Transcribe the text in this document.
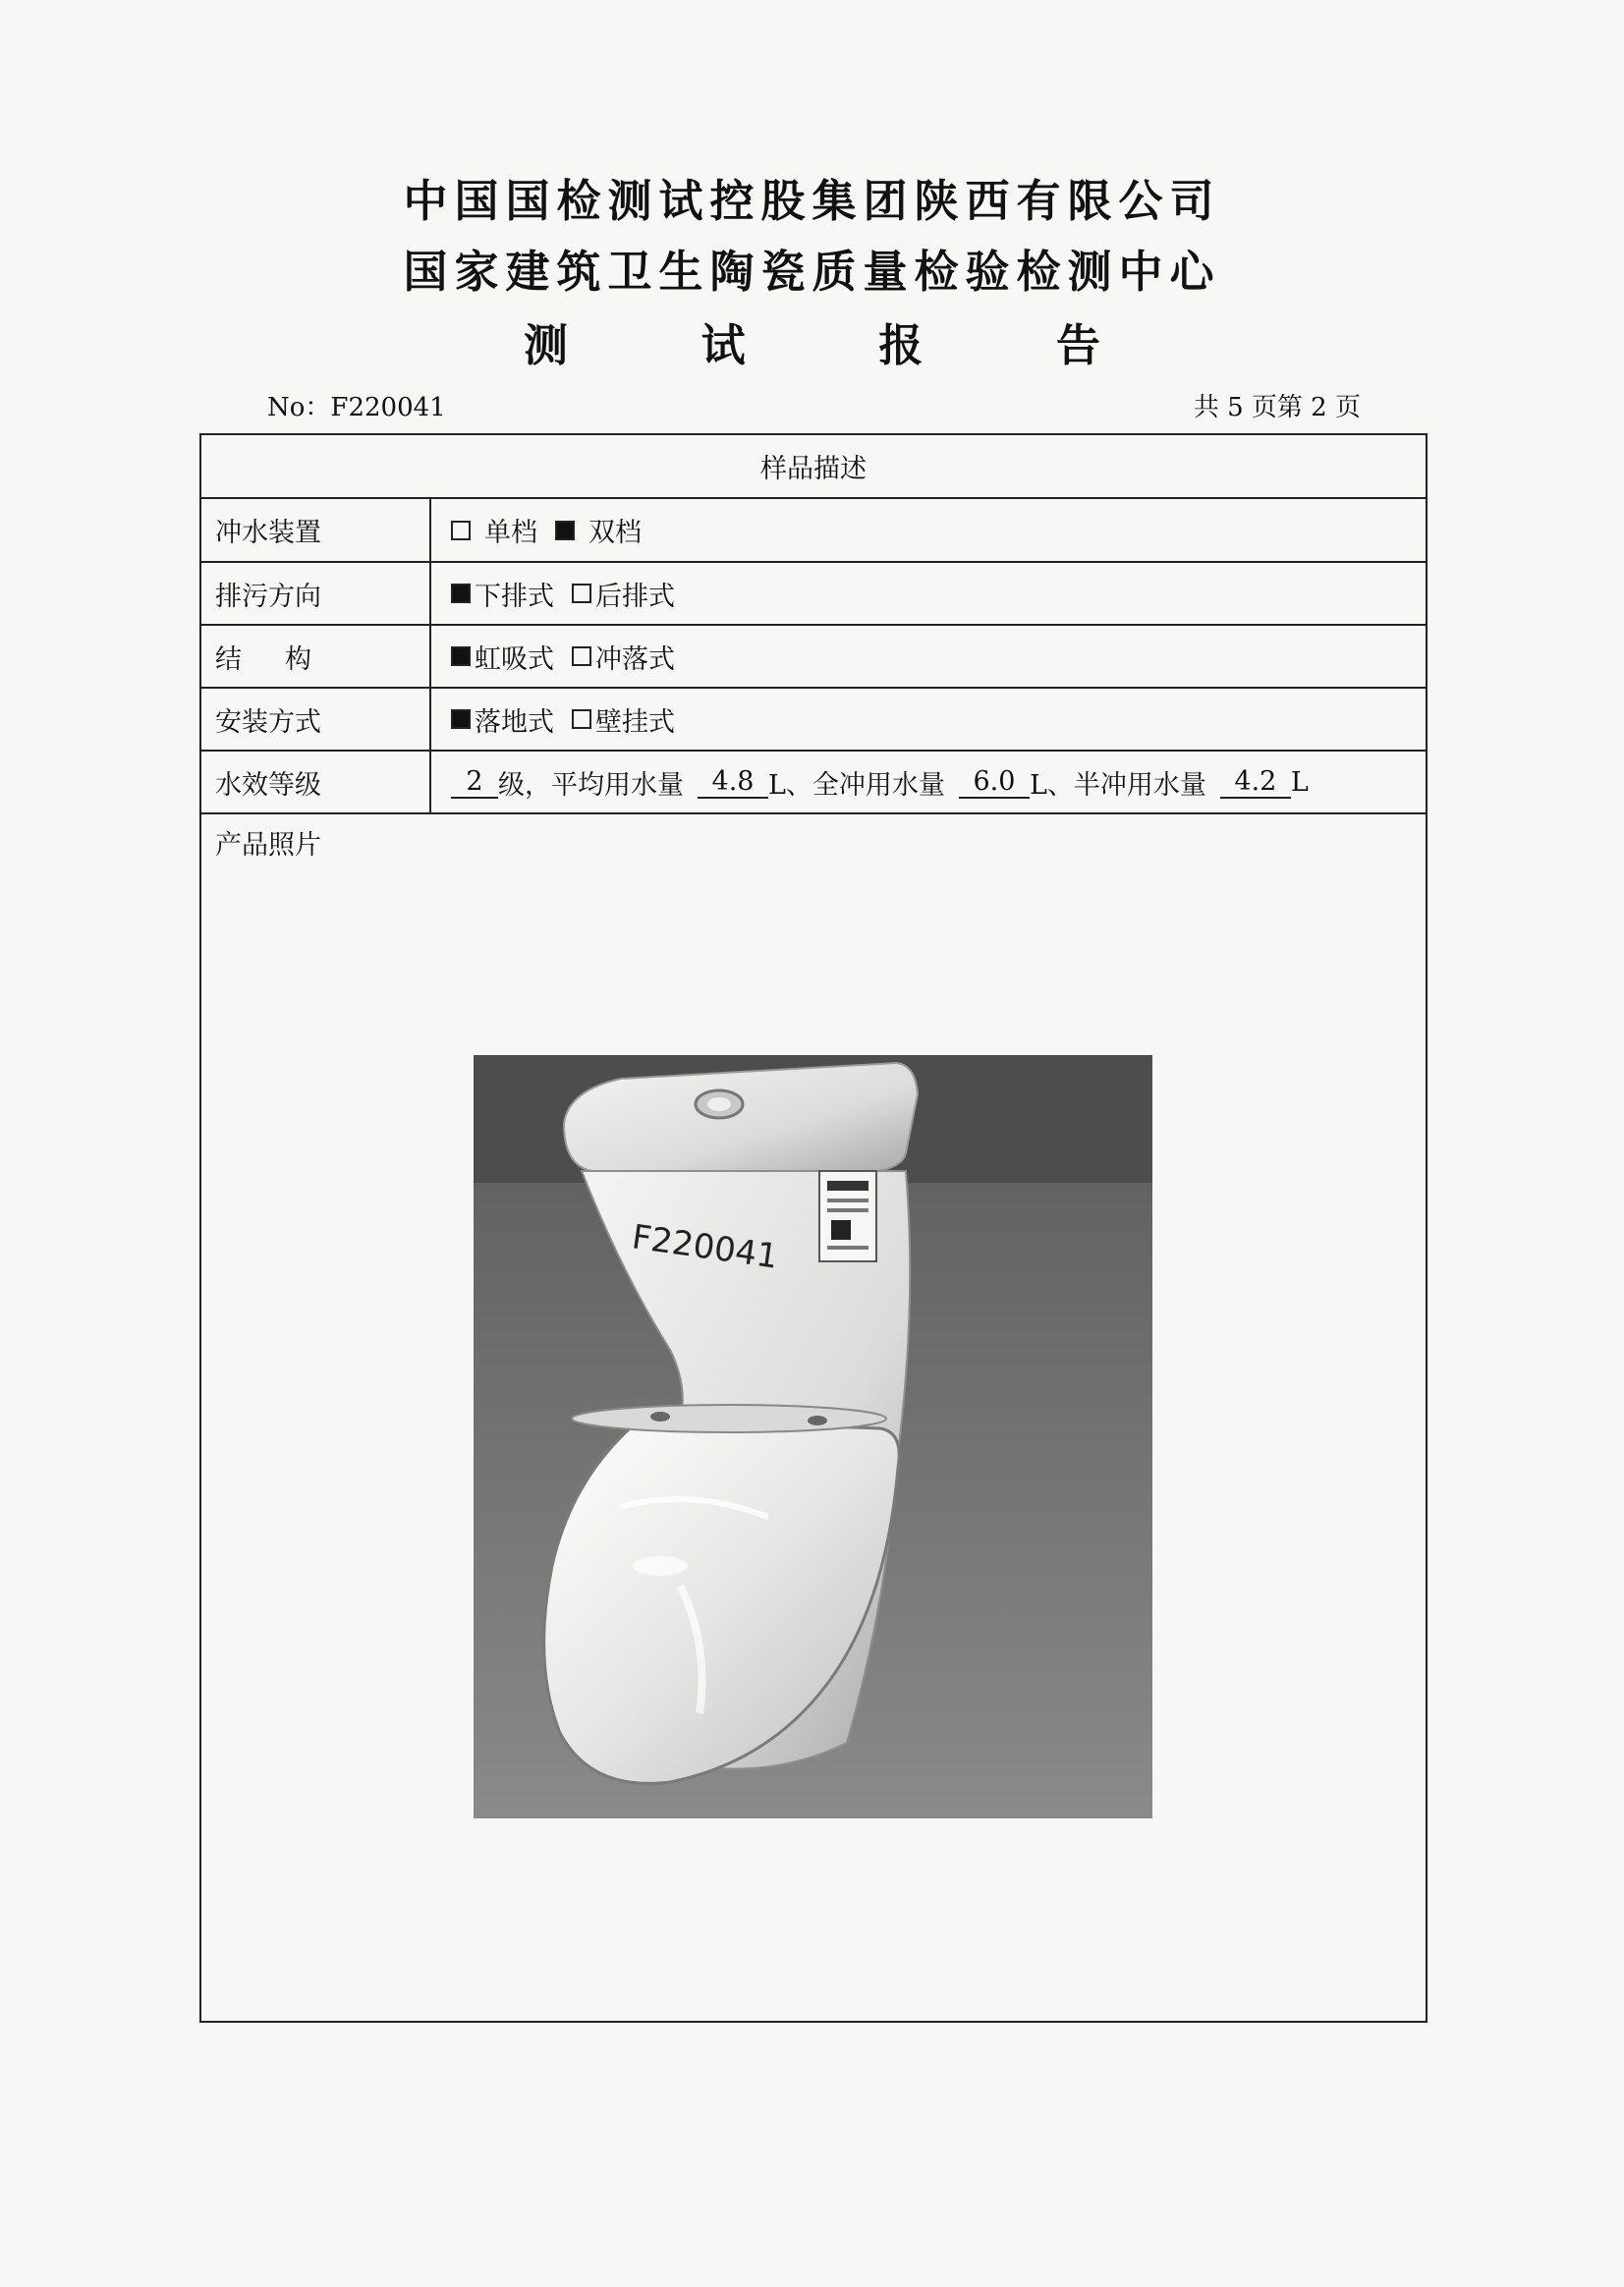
中国国检测试控股集团陕西有限公司
国家建筑卫生陶瓷质量检验检测中心
测 试 报 告
No：F220041	共 5 页第 2 页
样品描述
冲水装置	单档 双档
排污方向	下排式 后排式
结构	虹吸式 冲落式
安装方式	落地式 壁挂式
水效等级	2 级，平均用水量	4.8 L、全冲用水量	6.0 L、半冲用水量	4.2 L
产品照片
F220041
